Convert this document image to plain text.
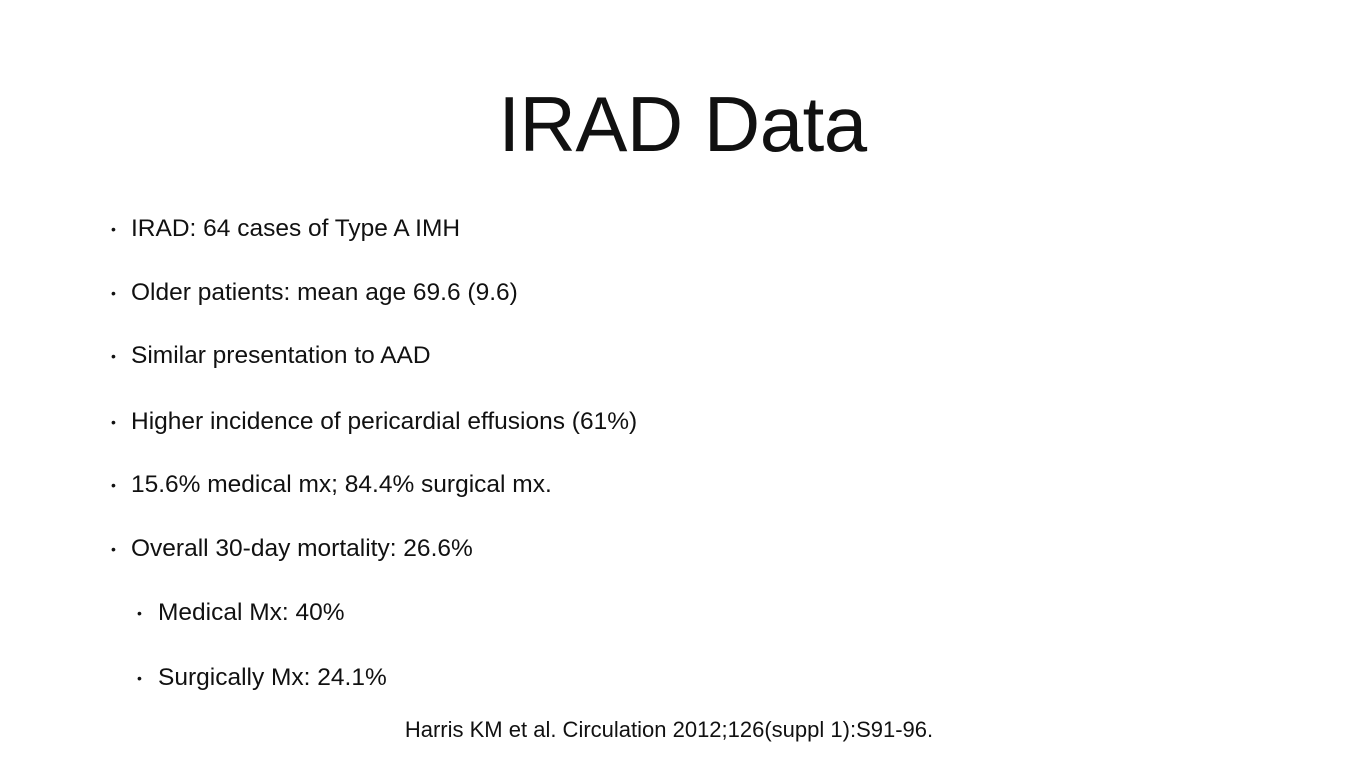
IRAD Data
• IRAD: 64 cases of Type A IMH
• Older patients: mean age 69.6 (9.6)
• Similar presentation to AAD
• Higher incidence of pericardial effusions (61%)
• 15.6% medical mx; 84.4% surgical mx.
• Overall 30-day mortality: 26.6%
• Medical Mx: 40%
• Surgically Mx: 24.1%
Harris KM et al. Circulation 2012;126(suppl 1):S91-96.
